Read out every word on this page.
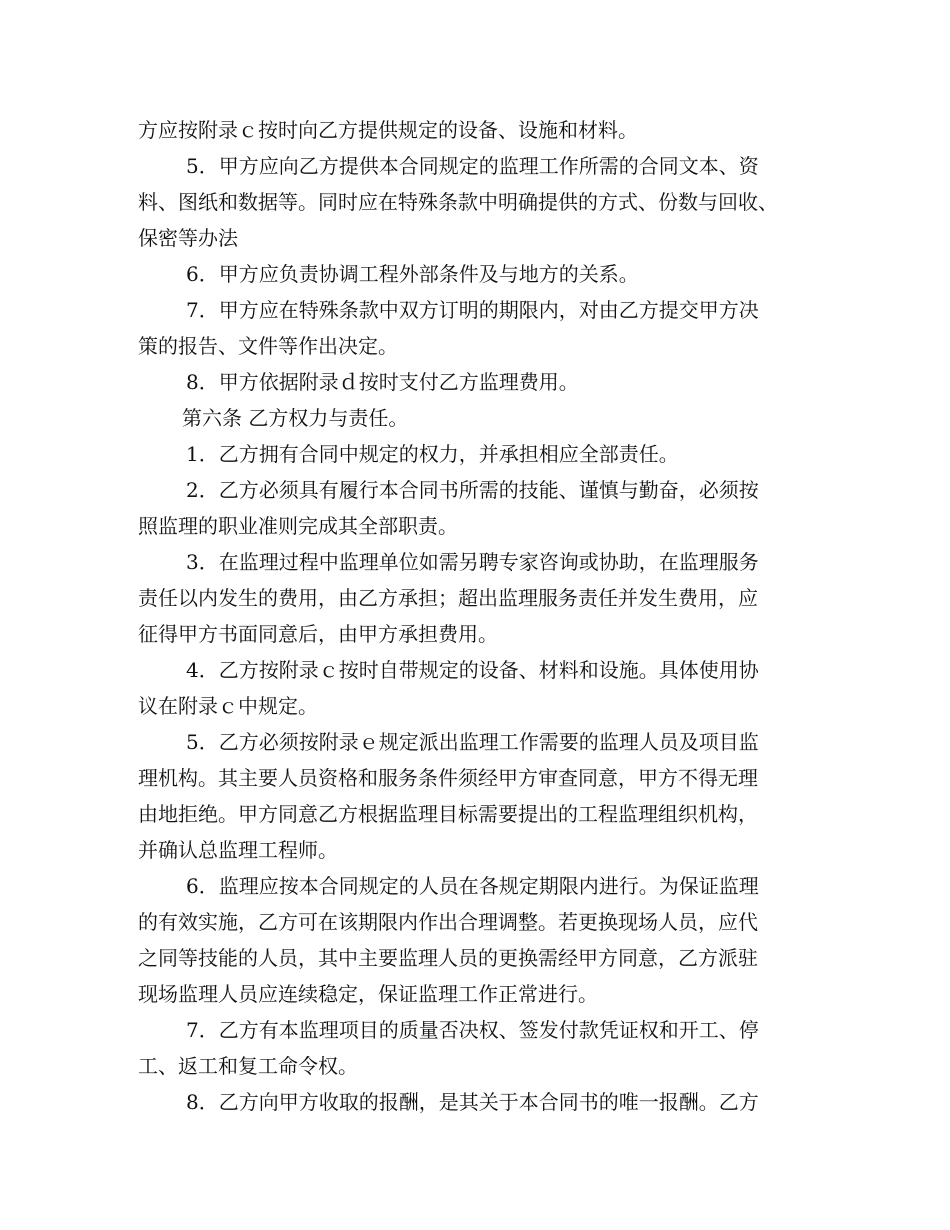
方应按附录ｃ按时向乙方提供规定的设备、设施和材料。
5．甲方应向乙方提供本合同规定的监理工作所需的合同文本、资
料、图纸和数据等。同时应在特殊条款中明确提供的方式、份数与回收、
保密等办法
6．甲方应负责协调工程外部条件及与地方的关系。
7．甲方应在特殊条款中双方订明的期限内，对由乙方提交甲方决
策的报告、文件等作出决定。
8．甲方依据附录ｄ按时支付乙方监理费用。
第六条 乙方权力与责任。
1．乙方拥有合同中规定的权力，并承担相应全部责任。
2．乙方必须具有履行本合同书所需的技能、谨慎与勤奋，必须按
照监理的职业准则完成其全部职责。
3．在监理过程中监理单位如需另聘专家咨询或协助，在监理服务
责任以内发生的费用，由乙方承担；超出监理服务责任并发生费用，应
征得甲方书面同意后，由甲方承担费用。
4．乙方按附录ｃ按时自带规定的设备、材料和设施。具体使用协
议在附录ｃ中规定。
5．乙方必须按附录ｅ规定派出监理工作需要的监理人员及项目监
理机构。其主要人员资格和服务条件须经甲方审查同意，甲方不得无理
由地拒绝。甲方同意乙方根据监理目标需要提出的工程监理组织机构，
并确认总监理工程师。
6．监理应按本合同规定的人员在各规定期限内进行。为保证监理
的有效实施，乙方可在该期限内作出合理调整。若更换现场人员，应代
之同等技能的人员，其中主要监理人员的更换需经甲方同意，乙方派驻
现场监理人员应连续稳定，保证监理工作正常进行。
7．乙方有本监理项目的质量否决权、签发付款凭证权和开工、停
工、返工和复工命令权。
8．乙方向甲方收取的报酬，是其关于本合同书的唯一报酬。乙方
